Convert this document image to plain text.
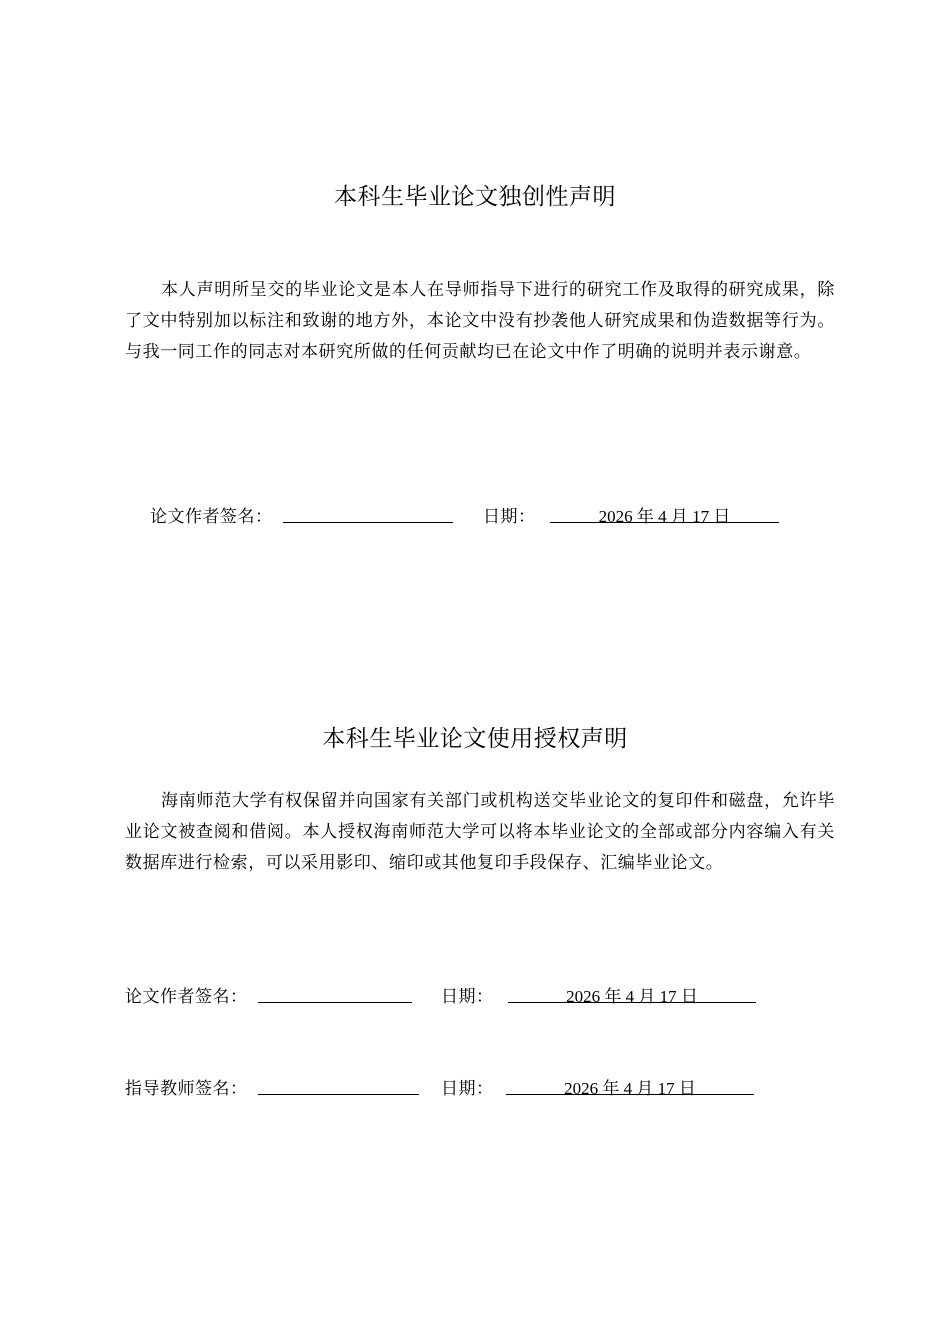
本科生毕业论文独创性声明
本人声明所呈交的毕业论文是本人在导师指导下进行的研究工作及取得的研究成果，除了文中特别加以标注和致谢的地方外，本论文中没有抄袭他人研究成果和伪造数据等行为。与我一同工作的同志对本研究所做的任何贡献均已在论文中作了明确的说明并表示谢意。
论文作者签名：	日期：	2026 年 4 月 17 日
本科生毕业论文使用授权声明
海南师范大学有权保留并向国家有关部门或机构送交毕业论文的复印件和磁盘，允许毕业论文被查阅和借阅。本人授权海南师范大学可以将本毕业论文的全部或部分内容编入有关数据库进行检索，可以采用影印、缩印或其他复印手段保存、汇编毕业论文。
论文作者签名：	日期：	2026 年 4 月 17 日
指导教师签名：	日期：	2026 年 4 月 17 日
